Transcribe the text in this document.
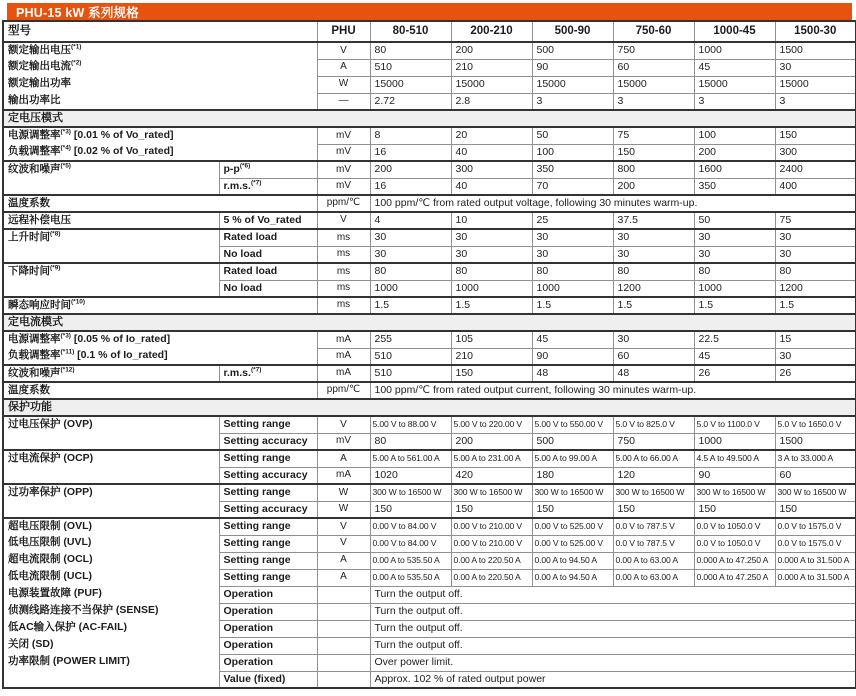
PHU-15 kW 系列规格
型号		PHU	80-510	200-210	500-90	750-60	1000-45	1500-30
额定输出电压$^{(*1)}$		V	80	200	500	750	1000	1500
额定输出电流$^{(*2)}$		A	510	210	90	60	45	30
额定输出功率		W	15000	15000	15000	15000	15000	15000
输出功率比		—	2.72	2.8	3	3	3	3
定电压模式								
电源调整率$^{(*3)}$ [0.01 % of Vo_rated]		mV	8	20	50	75	100	150
负载调整率$^{(*4)}$ [0.02 % of Vo_rated]		mV	16	40	100	150	200	300
纹波和噪声$^{(*5)}$	$p-p^{(*6)}$	mV	200	300	350	800	1600	2400
	r.m.s.$^{(*7)}$	mV	16	40	70	200	350	400
温度系数		ppm/℃	100 ppm/℃ from rated output voltage, following 30 minutes warm-up.					
远程补偿电压	5 % of Vo_rated	V	4	10	25	37.5	50	75
上升时间$^{(*8)}$	Rated load	ms	30	30	30	30	30	30
	No load	ms	30	30	30	30	30	30
下降时间$^{(*9)}$	Rated load	ms	80	80	80	80	80	80
	No load	ms	1000	1000	1000	1200	1000	1200
瞬态响应时间$^{(*10)}$		ms	1.5	1.5	1.5	1.5	1.5	1.5
定电流模式								
电源调整率$^{(*3)}$ [0.05 % of Io_rated]		mA	255	105	45	30	22.5	15
负载调整率$^{(*11)}$ [0.1 % of Io_rated]		mA	510	210	90	60	45	30
纹波和噪声$^{(*12)}$	r.m.s.$^{(*7)}$	mA	510	150	48	48	26	26
温度系数		ppm/℃	100 ppm/℃ from rated output current, following 30 minutes warm-up.					
保护功能								
过电压保护 (OVP)	Setting range	V	5.00 V to 88.00 V	5.00 V to 220.00 V	5.00 V to 550.00 V	5.0 V to 825.0 V	5.0 V to 1100.0 V	5.0 V to 1650.0 V
	Setting accuracy	mV	80	200	500	750	1000	1500
过电流保护 (OCP)	Setting range	A	5.00 A to 561.00 A	5.00 A to 231.00 A	5.00 A to 99.00 A	5.00 A to 66.00 A	4.5 A to 49.500 A	3 A to 33.000 A
	Setting accuracy	mA	1020	420	180	120	90	60
过功率保护 (OPP)	Setting range	W	300 W to 16500 W	300 W to 16500 W	300 W to 16500 W	300 W to 16500 W	300 W to 16500 W	300 W to 16500 W
	Setting accuracy	W	150	150	150	150	150	150
超电压限制 (OVL)	Setting range	V	0.00 V to 84.00 V	0.00 V to 210.00 V	0.00 V to 525.00 V	0.0 V to 787.5 V	0.0 V to 1050.0 V	0.0 V to 1575.0 V
低电压限制 (UVL)	Setting range	V	0.00 V to 84.00 V	0.00 V to 210.00 V	0.00 V to 525.00 V	0.0 V to 787.5 V	0.0 V to 1050.0 V	0.0 V to 1575.0 V
超电流限制 (OCL)	Setting range	A	0.00 A to 535.50 A	0.00 A to 220.50 A	0.00 A to 94.50 A	0.00 A to 63.00 A	0.000 A to 47.250 A	0.000 A to 31.500 A
低电流限制 (UCL)	Setting range	A	0.00 A to 535.50 A	0.00 A to 220.50 A	0.00 A to 94.50 A	0.00 A to 63.00 A	0.000 A to 47.250 A	0.000 A to 31.500 A
电源装置故障 (PUF)	Operation		Turn the output off.					
侦测线路连接不当保护 (SENSE)	Operation		Turn the output off.					
低AC输入保护 (AC-FAIL)	Operation		Turn the output off.					
关闭 (SD)	Operation		Turn the output off.					
功率限制 (POWER LIMIT)	Operation		Over power limit.					
	Value (fixed)		Approx. 102 % of rated output power					
